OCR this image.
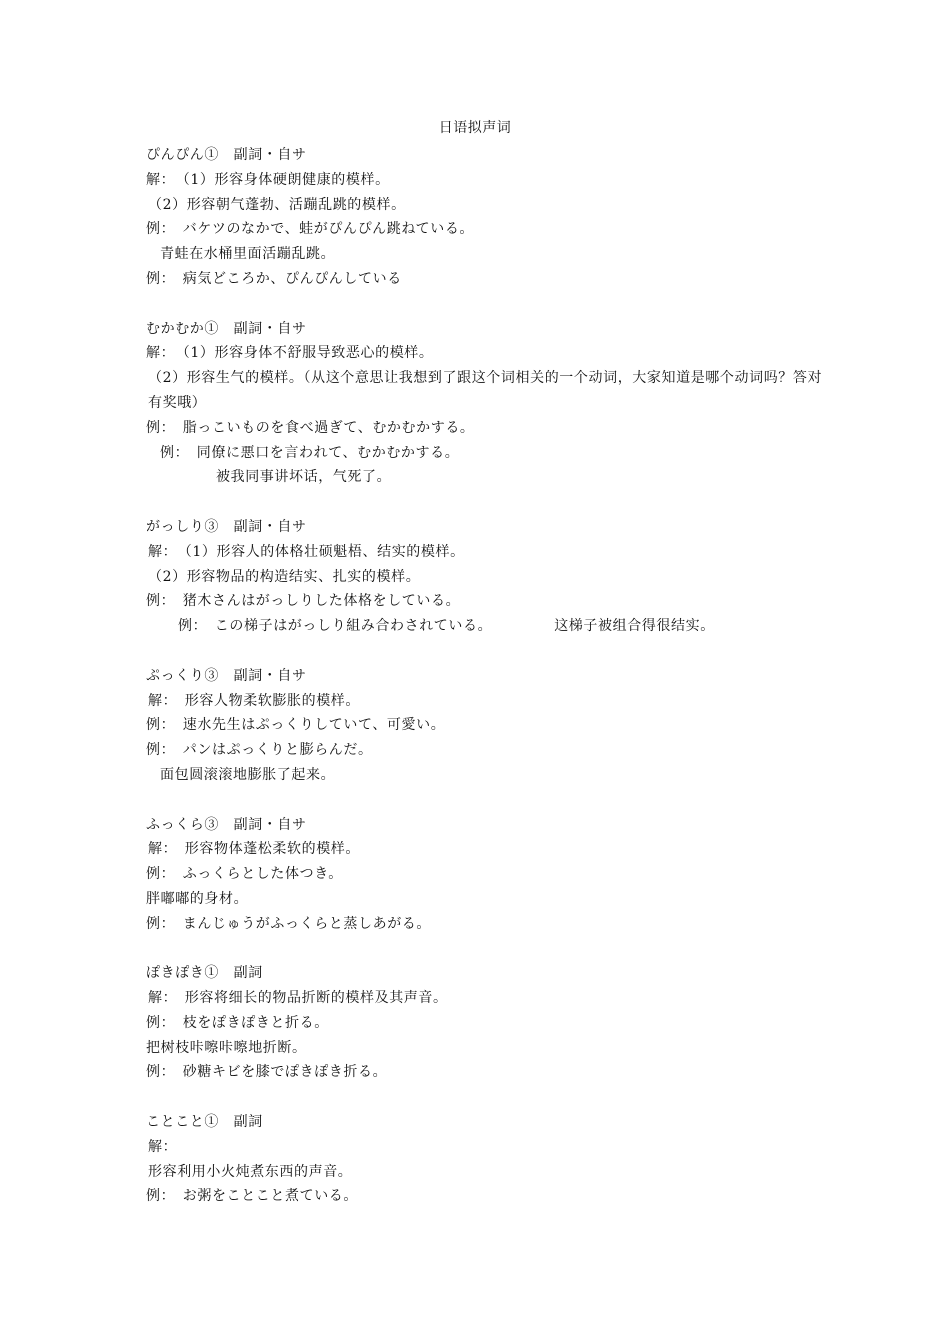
日语拟声词
ぴんぴん①　副詞・自サ
解：　（1）形容身体硬朗健康的模样。
（2）形容朝气蓬勃、活蹦乱跳的模样。
例：　バケツのなかで、蛙がぴんぴん跳ねている。
青蛙在水桶里面活蹦乱跳。
例：　病気どころか、ぴんぴんしている
むかむか①　副詞・自サ
解：　（1）形容身体不舒服导致恶心的模样。
（2）形容生气的模样。（从这个意思让我想到了跟这个词相关的一个动词，大家知道是哪个动词吗？答对有奖哦）
例：　脂っこいものを食べ過ぎて、むかむかする。
例：　同僚に悪口を言われて、むかむかする。
被我同事讲坏话，气死了。
がっしり③　副詞・自サ
解：　（1）形容人的体格壮硕魁梧、结实的模样。
（2）形容物品的构造结实、扎实的模样。
例：　猪木さんはがっしりした体格をしている。
例：　この梯子はがっしり組み合わされている。	这梯子被组合得很结实。
ぷっくり③　副詞・自サ
解：　形容人物柔软膨胀的模样。
例：　速水先生はぷっくりしていて、可愛い。
例：　パンはぷっくりと膨らんだ。
面包圆滚滚地膨胀了起来。
ふっくら③　副詞・自サ
解：　形容物体蓬松柔软的模样。
例：　ふっくらとした体つき。
胖嘟嘟的身材。
例：　まんじゅうがふっくらと蒸しあがる。
ぽきぽき①　副詞
解：　形容将细长的物品折断的模样及其声音。
例：　枝をぽきぽきと折る。
把树枝咔嚓咔嚓地折断。
例：　砂糖キビを膝でぽきぽき折る。
ことこと①　副詞
解：
形容利用小火炖煮东西的声音。
例：　お粥をことこと煮ている。
